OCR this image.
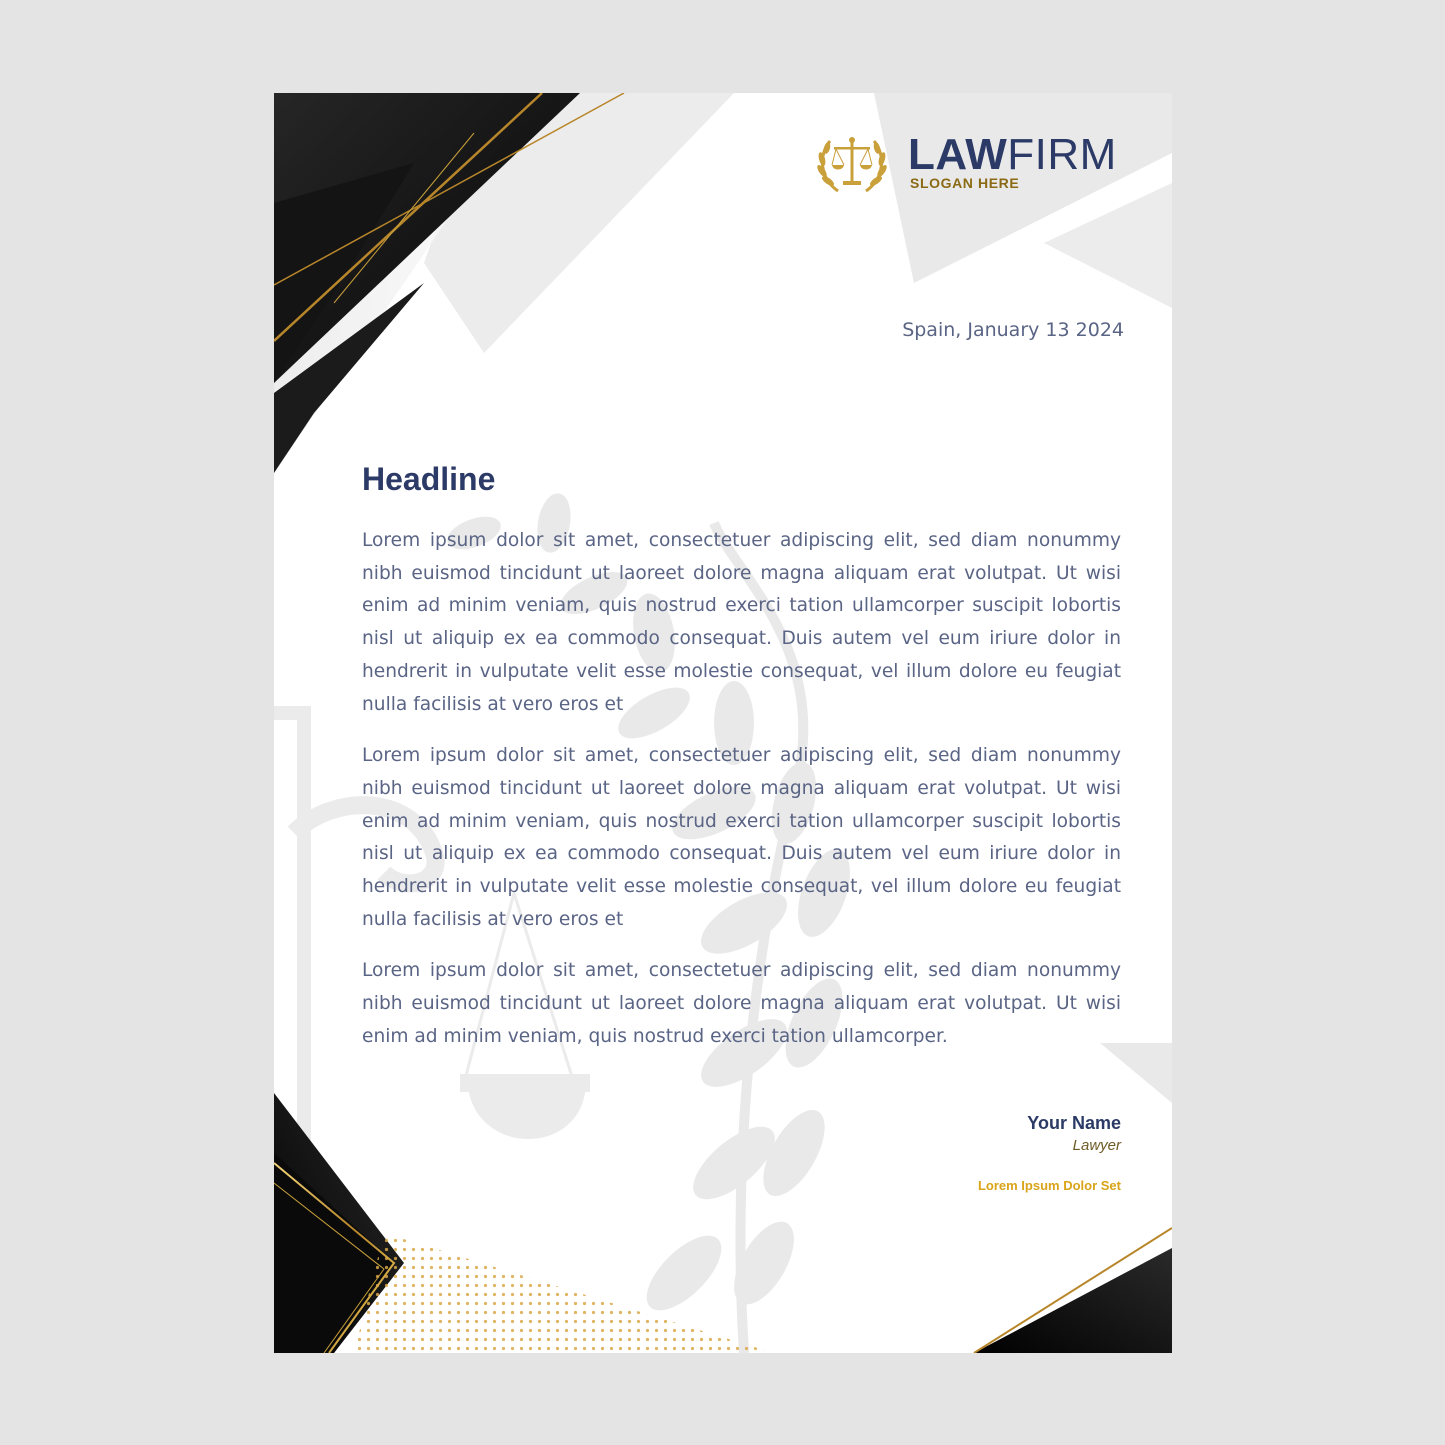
LAWFIRM
SLOGAN HERE
Spain, January 13 2024
Headline

Lorem ipsum dolor sit amet, consectetuer adipiscing elit, sed diam nonummy nibh euismod tincidunt ut laoreet dolore magna aliquam erat volutpat. Ut wisi enim ad minim veniam, quis nostrud exerci tation ullamcorper suscipit lobortis nisl ut aliquip ex ea commodo consequat. Duis autem vel eum iriure dolor in hendrerit in vulputate velit esse molestie consequat, vel illum dolore eu feugiat nulla facilisis at vero eros et

Lorem ipsum dolor sit amet, consectetuer adipiscing elit, sed diam nonummy nibh euismod tincidunt ut laoreet dolore magna aliquam erat volutpat. Ut wisi enim ad minim veniam, quis nostrud exerci tation ullamcorper suscipit lobortis nisl ut aliquip ex ea commodo consequat. Duis autem vel eum iriure dolor in hendrerit in vulputate velit esse molestie consequat, vel illum dolore eu feugiat nulla facilisis at vero eros et

Lorem ipsum dolor sit amet, consectetuer adipiscing elit, sed diam nonummy nibh euismod tincidunt ut laoreet dolore magna aliquam erat volutpat. Ut wisi enim ad minim veniam, quis nostrud exerci tation ullamcorper.

Your Name
Lawyer
Lorem Ipsum Dolor Set
